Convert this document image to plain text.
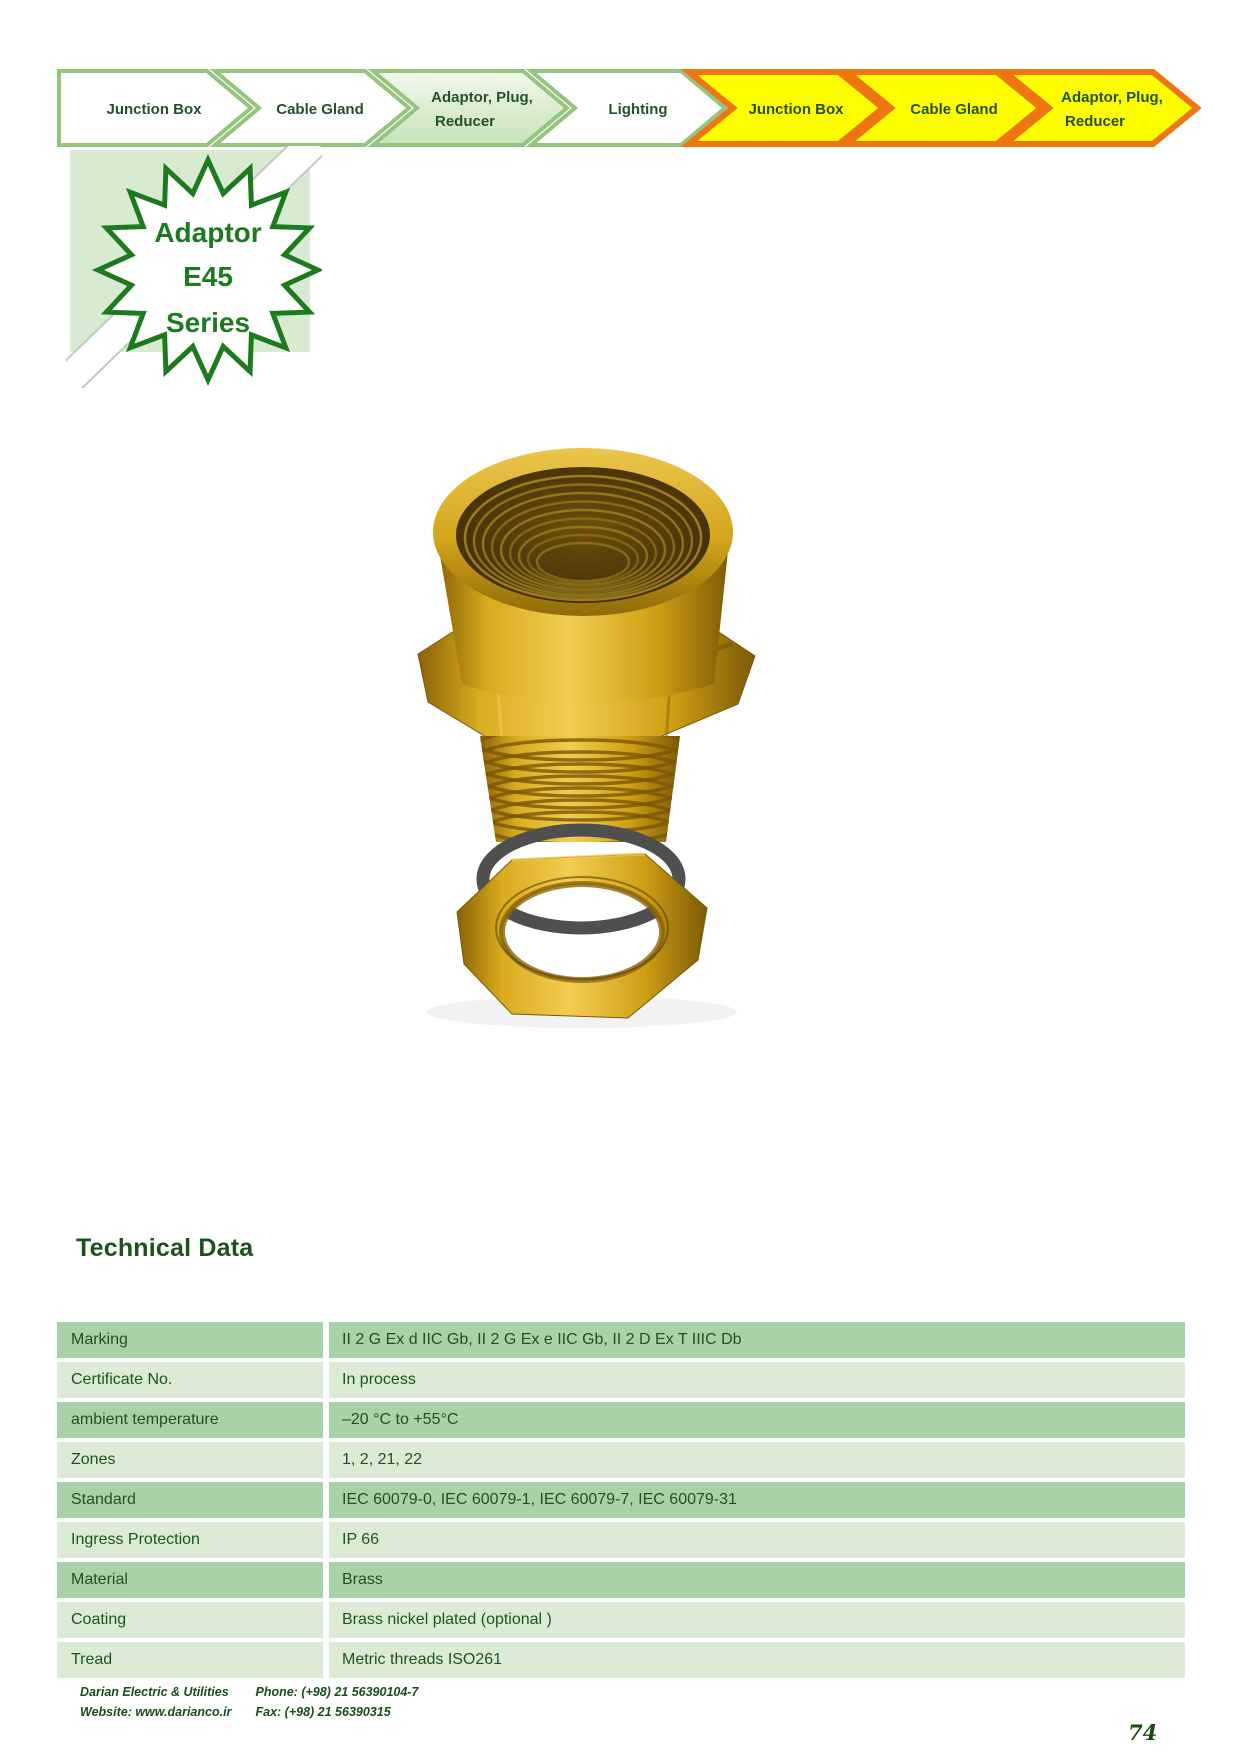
Junction Box	Cable Gland
Adaptor, Plug,
Reducer
Lighting	Junction Box	Cable Gland
Adaptor, Plug,
Reducer
Adaptor
E45
Series
Technical Data
Marking	II 2 G Ex d IIC Gb, II 2 G Ex e IIC Gb, II 2 D Ex T IIIC Db
Certificate No.	In process
ambient temperature	–20 °C to +55°C
Zones	1, 2, 21, 22
Standard	IEC 60079-0, IEC 60079-1, IEC 60079-7, IEC 60079-31
Ingress Protection	IP 66
Material	Brass
Coating	Brass nickel plated (optional )
Tread	Metric threads ISO261
Darian Electric & Utilities Phone: (+98) 21 56390104-7
Website: www.darianco.ir Fax: (+98) 21 56390315
74
